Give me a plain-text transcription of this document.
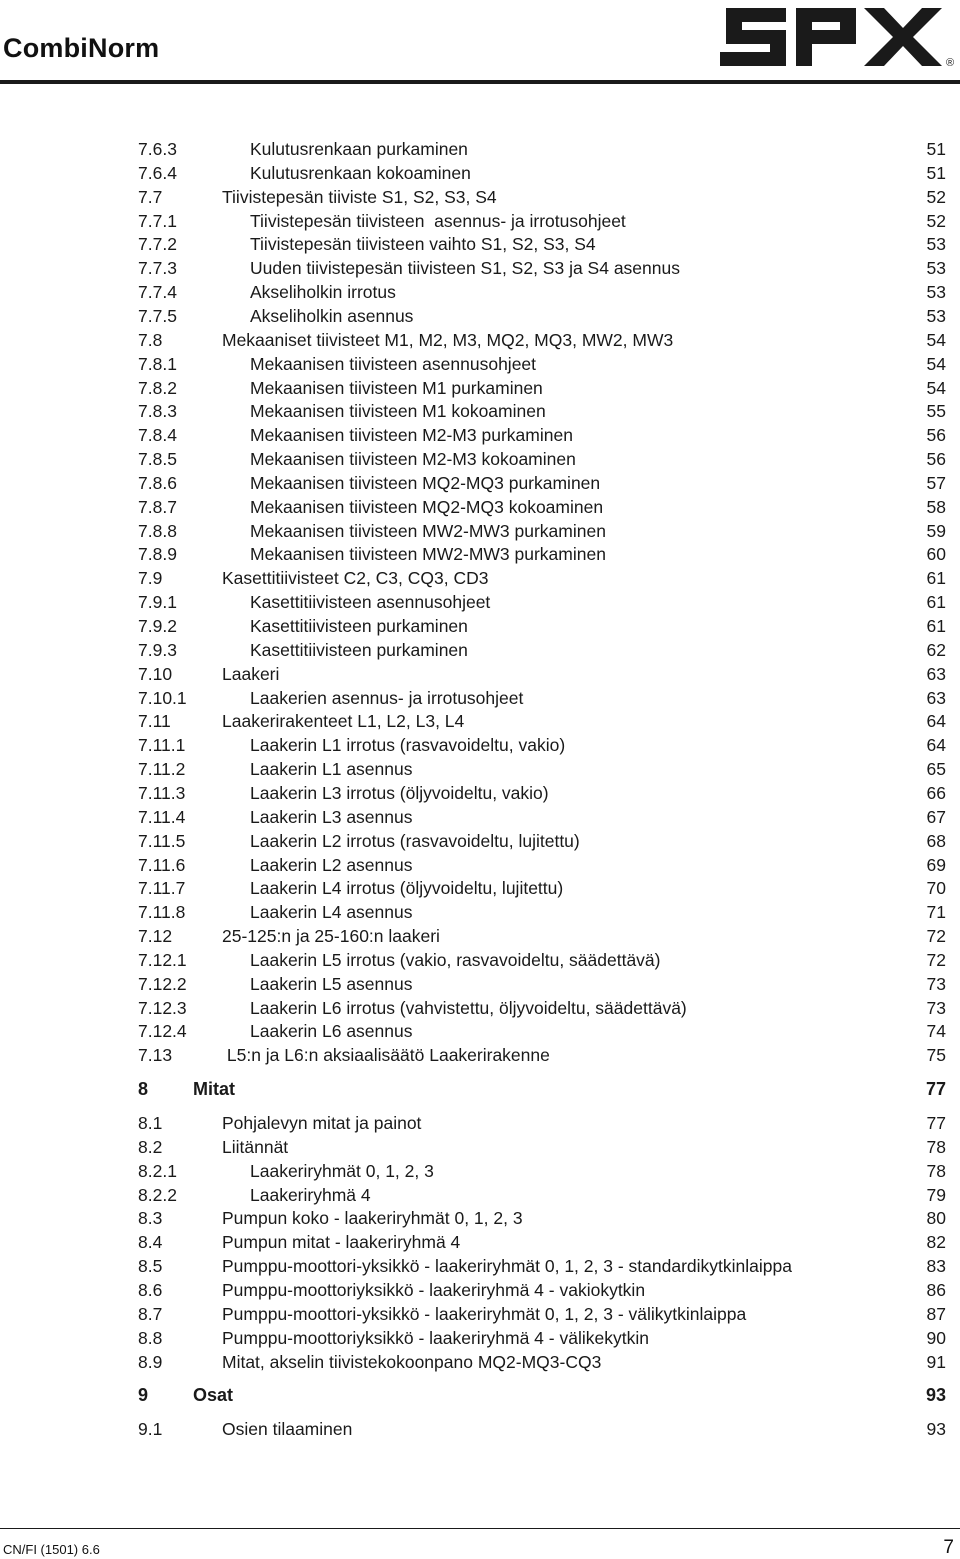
CombiNorm	®
7.6.3	Kulutusrenkaan purkaminen	51
7.6.4	Kulutusrenkaan kokoaminen	51
7.7	Tiivistepesän tiiviste S1, S2, S3, S4	52
7.7.1	Tiivistepesän tiivisteen  asennus- ja irrotusohjeet	52
7.7.2	Tiivistepesän tiivisteen vaihto S1, S2, S3, S4	53
7.7.3	Uuden tiivistepesän tiivisteen S1, S2, S3 ja S4 asennus	53
7.7.4	Akseliholkin irrotus	53
7.7.5	Akseliholkin asennus	53
7.8	Mekaaniset tiivisteet M1, M2, M3, MQ2, MQ3, MW2, MW3	54
7.8.1	Mekaanisen tiivisteen asennusohjeet	54
7.8.2	Mekaanisen tiivisteen M1 purkaminen	54
7.8.3	Mekaanisen tiivisteen M1 kokoaminen	55
7.8.4	Mekaanisen tiivisteen M2-M3 purkaminen	56
7.8.5	Mekaanisen tiivisteen M2-M3 kokoaminen	56
7.8.6	Mekaanisen tiivisteen MQ2-MQ3 purkaminen	57
7.8.7	Mekaanisen tiivisteen MQ2-MQ3 kokoaminen	58
7.8.8	Mekaanisen tiivisteen MW2-MW3 purkaminen	59
7.8.9	Mekaanisen tiivisteen MW2-MW3 purkaminen	60
7.9	Kasettitiivisteet C2, C3, CQ3, CD3	61
7.9.1	Kasettitiivisteen asennusohjeet	61
7.9.2	Kasettitiivisteen purkaminen	61
7.9.3	Kasettitiivisteen purkaminen	62
7.10	Laakeri	63
7.10.1	Laakerien asennus- ja irrotusohjeet	63
7.11	Laakerirakenteet L1, L2, L3, L4	64
7.11.1	Laakerin L1 irrotus (rasvavoideltu, vakio)	64
7.11.2	Laakerin L1 asennus	65
7.11.3	Laakerin L3 irrotus (öljyvoideltu, vakio)	66
7.11.4	Laakerin L3 asennus	67
7.11.5	Laakerin L2 irrotus (rasvavoideltu, lujitettu)	68
7.11.6	Laakerin L2 asennus	69
7.11.7	Laakerin L4 irrotus (öljyvoideltu, lujitettu)	70
7.11.8	Laakerin L4 asennus	71
7.12	25-125:n ja 25-160:n laakeri	72
7.12.1	Laakerin L5 irrotus (vakio, rasvavoideltu, säädettävä)	72
7.12.2	Laakerin L5 asennus	73
7.12.3	Laakerin L6 irrotus (vahvistettu, öljyvoideltu, säädettävä)	73
7.12.4	Laakerin L6 asennus	74
7.13	L5:n ja L6:n aksiaalisäätö Laakerirakenne	75
8 Mitat	77
8.1	Pohjalevyn mitat ja painot	77
8.2	Liitännät	78
8.2.1	Laakeriryhmät 0, 1, 2, 3	78
8.2.2	Laakeriryhmä 4	79
8.3	Pumpun koko - laakeriryhmät 0, 1, 2, 3	80
8.4	Pumpun mitat - laakeriryhmä 4	82
8.5	Pumppu-moottori-yksikkö - laakeriryhmät 0, 1, 2, 3 - standardikytkinlaippa	83
8.6	Pumppu-moottoriyksikkö - laakeriryhmä 4 - vakiokytkin	86
8.7	Pumppu-moottori-yksikkö - laakeriryhmät 0, 1, 2, 3 - välikytkinlaippa	87
8.8	Pumppu-moottoriyksikkö - laakeriryhmä 4 - välikekytkin	90
8.9	Mitat, akselin tiivistekokoonpano MQ2-MQ3-CQ3	91
9 Osat	93
9.1	Osien tilaaminen	93
CN/FI (1501) 6.6	7
